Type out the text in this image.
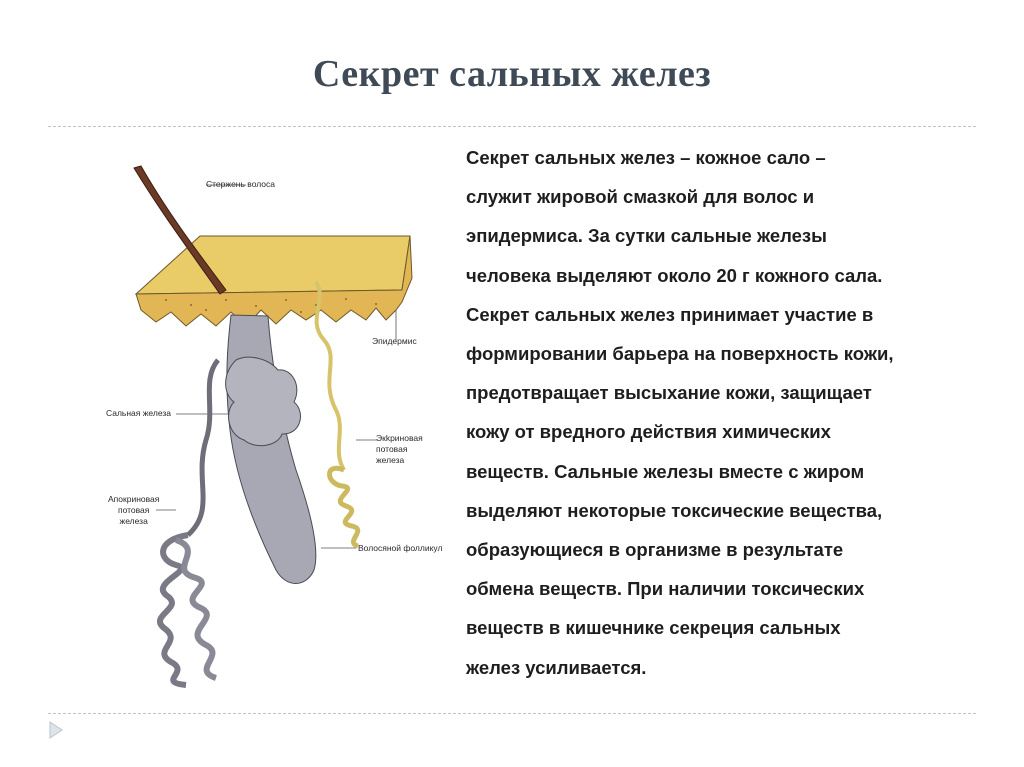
Секрет сальных желез
Стержень волоса
Эпидермис
Сальная железа
Экkриновая
потовая
железа
Апокриновая
потовая
железа
Волосяной фолликул
Секрет сальных желез – кожное сало –
служит жировой смазкой для волос и
эпидермиса. За сутки сальные железы
человека выделяют около 20 г кожного сала.
Секрет сальных желез принимает участие в
формировании барьера на поверхность кожи,
предотвращает высыхание кожи, защищает
кожу от вредного действия химических
веществ. Сальные железы вместе с жиром
выделяют некоторые токсические вещества,
образующиеся в организме в результате
обмена веществ. При наличии токсических
веществ в кишечнике секреция сальных
желез усиливается.
